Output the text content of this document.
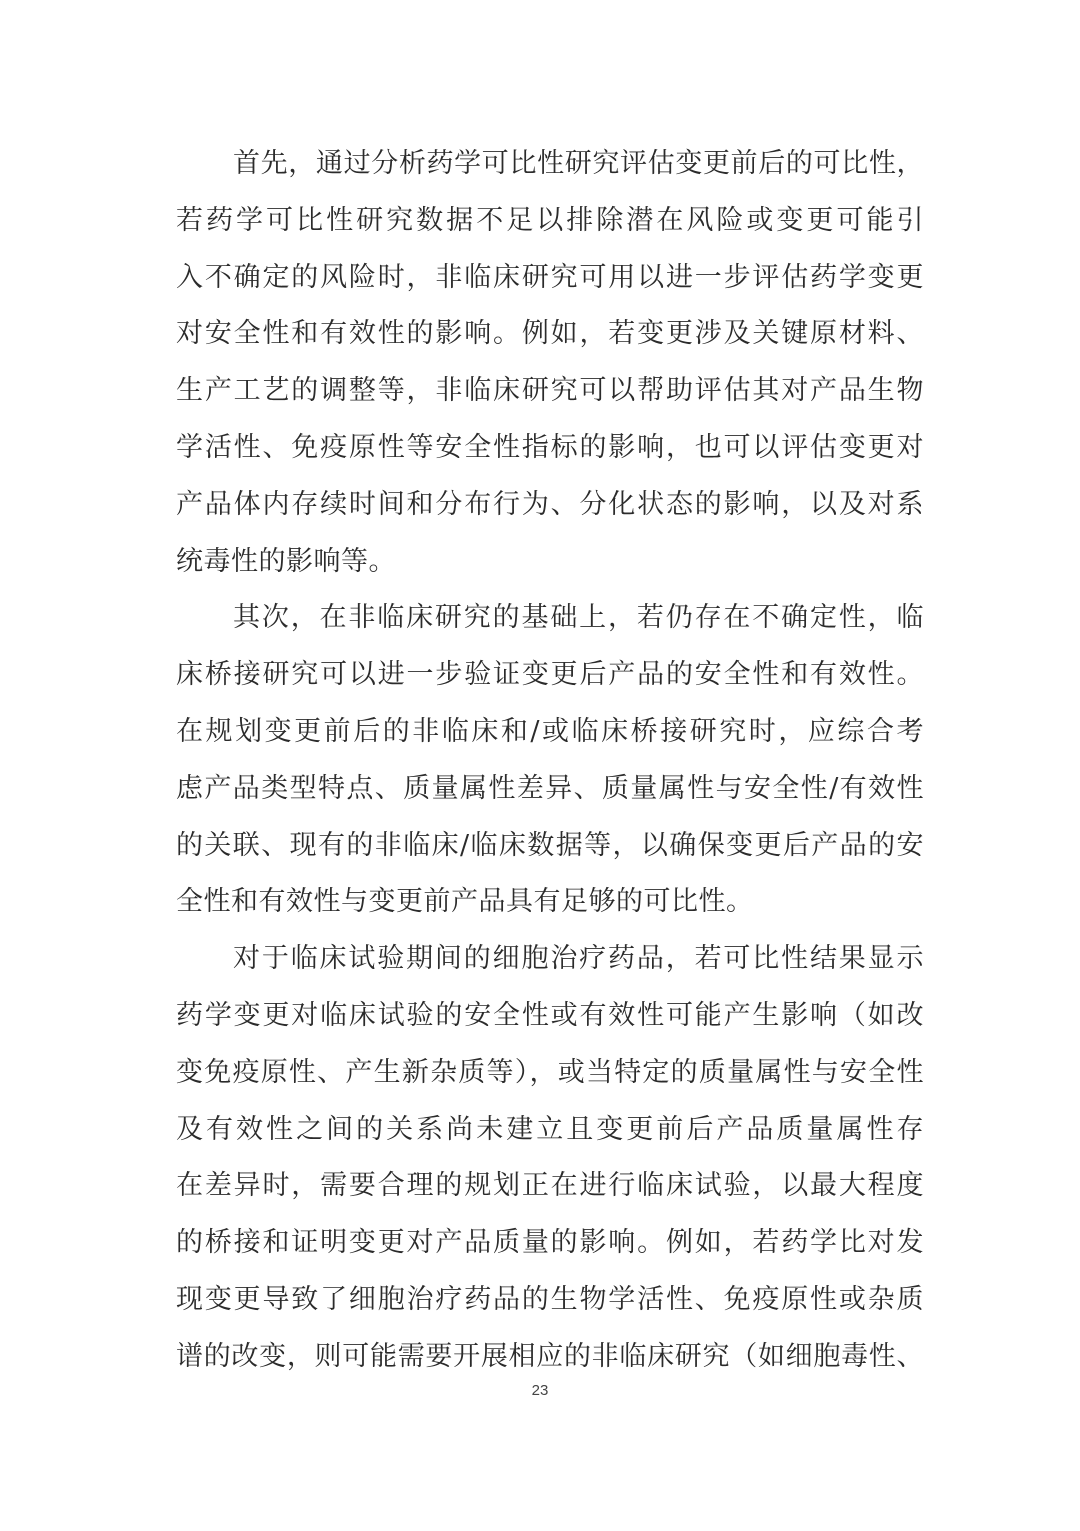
首先，通过分析药学可比性研究评估变更前后的可比性，
若药学可比性研究数据不足以排除潜在风险或变更可能引
入不确定的风险时，非临床研究可用以进一步评估药学变更
对安全性和有效性的影响。例如，若变更涉及关键原材料、
生产工艺的调整等，非临床研究可以帮助评估其对产品生物
学活性、免疫原性等安全性指标的影响，也可以评估变更对
产品体内存续时间和分布行为、分化状态的影响，以及对系
统毒性的影响等。
其次，在非临床研究的基础上，若仍存在不确定性，临
床桥接研究可以进一步验证变更后产品的安全性和有效性。
在规划变更前后的非临床和/或临床桥接研究时，应综合考
虑产品类型特点、质量属性差异、质量属性与安全性/有效性
的关联、现有的非临床/临床数据等，以确保变更后产品的安
全性和有效性与变更前产品具有足够的可比性。
对于临床试验期间的细胞治疗药品，若可比性结果显示
药学变更对临床试验的安全性或有效性可能产生影响（如改
变免疫原性、产生新杂质等），或当特定的质量属性与安全性
及有效性之间的关系尚未建立且变更前后产品质量属性存
在差异时，需要合理的规划正在进行临床试验，以最大程度
的桥接和证明变更对产品质量的影响。例如，若药学比对发
现变更导致了细胞治疗药品的生物学活性、免疫原性或杂质
谱的改变，则可能需要开展相应的非临床研究（如细胞毒性、
23
